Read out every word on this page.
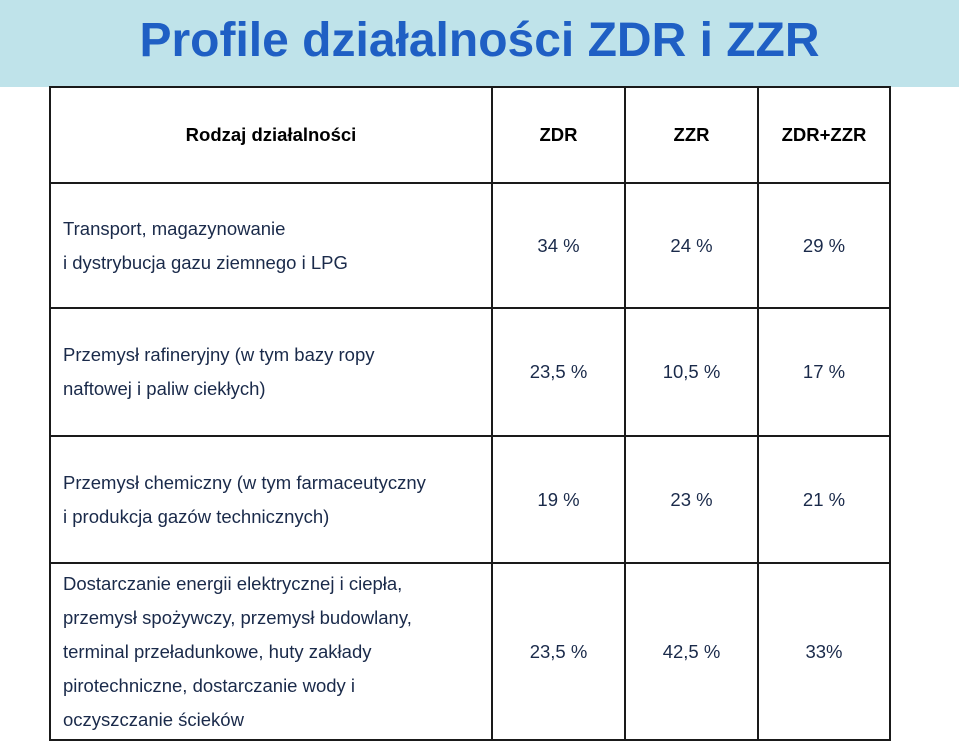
Profile działalności ZDR i ZZR
Rodzaj działalności	ZDR	ZZR	ZDR+ZZR

Transport, magazynowanie
i dystrybucja gazu ziemnego i LPG	34 %	24 %	29 %

Przemysł rafineryjny (w tym bazy ropy
naftowej i paliw ciekłych)	23,5 %	10,5 %	17 %

Przemysł chemiczny (w tym farmaceutyczny
i produkcja gazów technicznych)	19 %	23 %	21 %

Dostarczanie energii elektrycznej i ciepła,
przemysł spożywczy, przemysł budowlany,
terminal przeładunkowe, huty zakłady
pirotechniczne, dostarczanie wody i
oczyszczanie ścieków	23,5 %	42,5 %	33%
